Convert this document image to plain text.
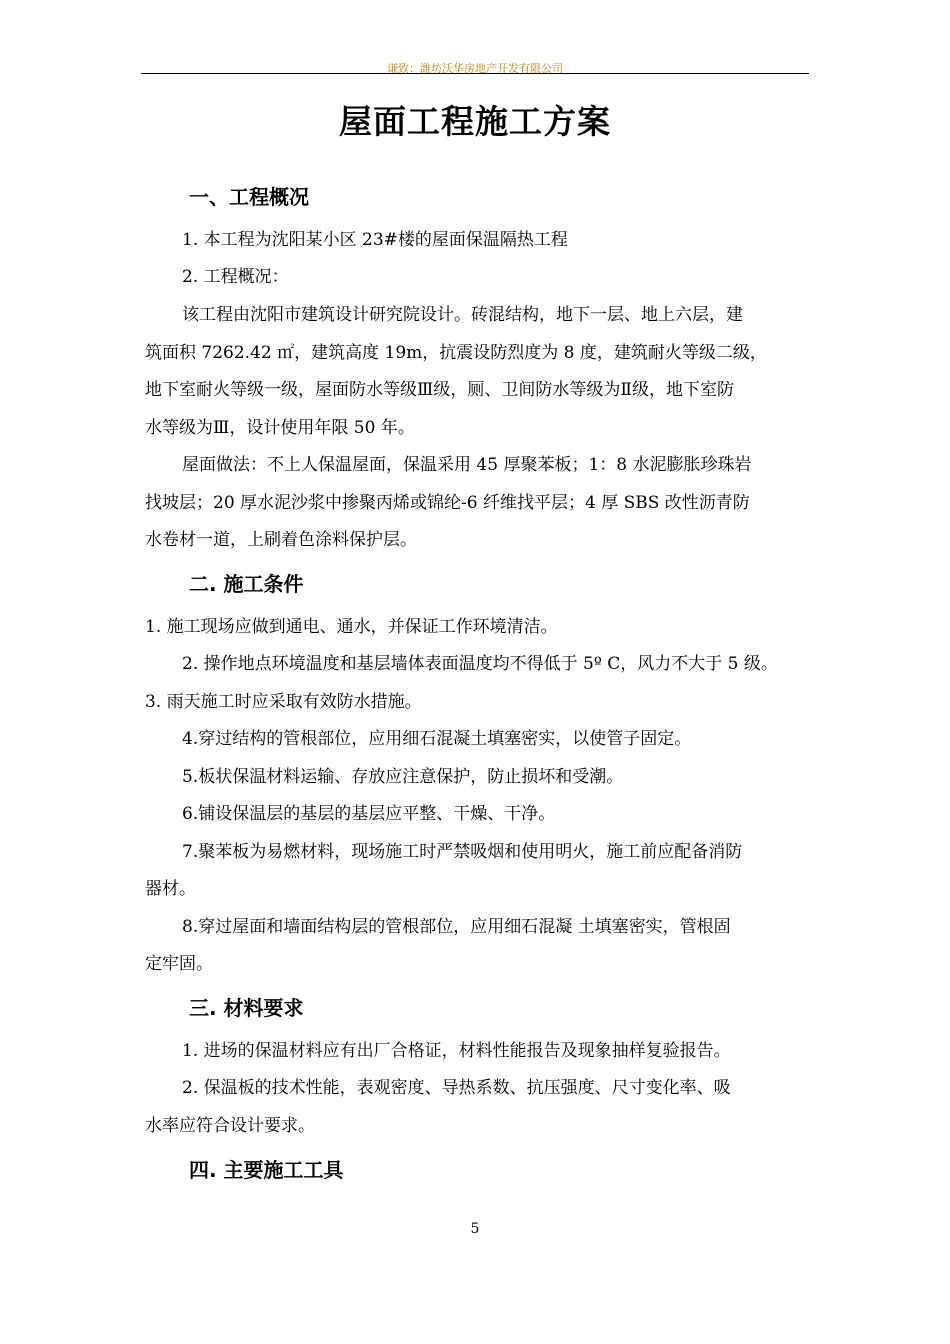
谦致：潍坊沃华房地产开发有限公司
屋面工程施工方案
一、工程概况
1. 本工程为沈阳某小区 23#楼的屋面保温隔热工程
2. 工程概况：
该工程由沈阳市建筑设计研究院设计。砖混结构，地下一层、地上六层，建
筑面积 7262.42 ㎡，建筑高度 19m，抗震设防烈度为 8 度，建筑耐火等级二级，
地下室耐火等级一级，屋面防水等级Ⅲ级，厕、卫间防水等级为Ⅱ级，地下室防
水等级为Ⅲ，设计使用年限 50 年。
屋面做法：不上人保温屋面，保温采用 45 厚聚苯板；1：8 水泥膨胀珍珠岩
找坡层；20 厚水泥沙浆中掺聚丙烯或锦纶-6 纤维找平层；4 厚 SBS 改性沥青防
水卷材一道，上刷着色涂料保护层。
二. 施工条件
1. 施工现场应做到通电、通水，并保证工作环境清洁。
2. 操作地点环境温度和基层墙体表面温度均不得低于 5º C，风力不大于 5 级。
3. 雨天施工时应采取有效防水措施。
4.穿过结构的管根部位，应用细石混凝土填塞密实，以使管子固定。
5.板状保温材料运输、存放应注意保护，防止损坏和受潮。
6.铺设保温层的基层的基层应平整、干燥、干净。
7.聚苯板为易燃材料，现场施工时严禁吸烟和使用明火，施工前应配备消防
器材。
8.穿过屋面和墙面结构层的管根部位，应用细石混凝 土填塞密实，管根固
定牢固。
三. 材料要求
1. 进场的保温材料应有出厂合格证，材料性能报告及现象抽样复验报告。
2. 保温板的技术性能，表观密度、导热系数、抗压强度、尺寸变化率、吸
水率应符合设计要求。
四. 主要施工工具
5
